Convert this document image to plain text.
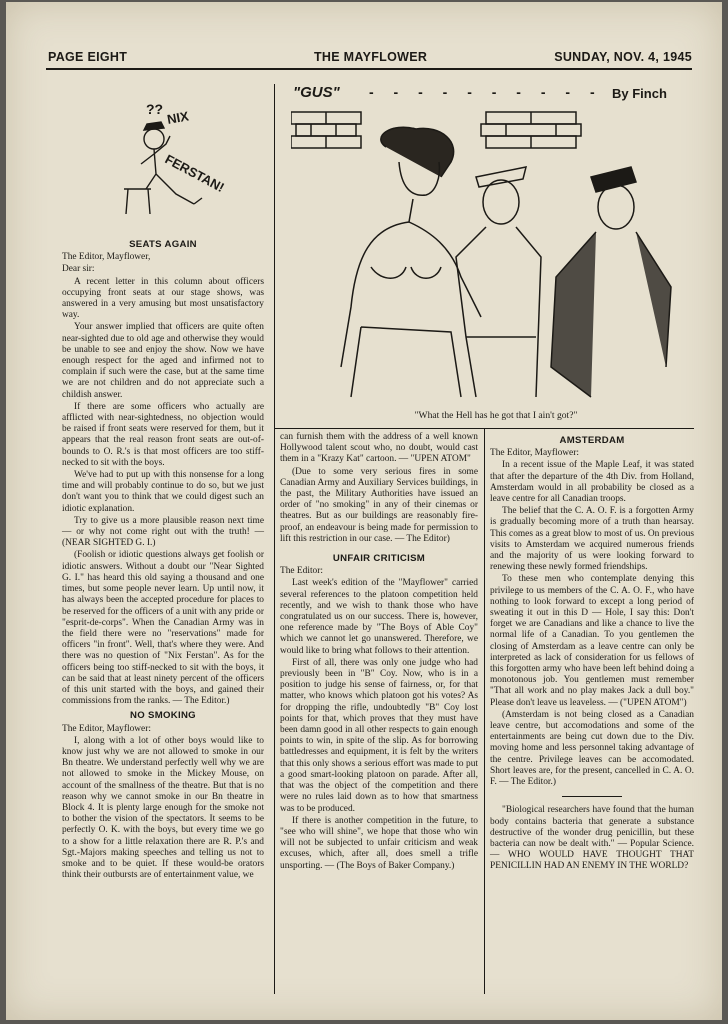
PAGE EIGHT	THE MAYFLOWER	SUNDAY, NOV. 4, 1945
?? NIX
FERSTAN!
"GUS" - - - - - - - - - - By Finch
"What the Hell has he got that I ain't got?"
SEATS AGAIN

The Editor, Mayflower,

Dear sir:

A recent letter in this column about officers occupying front seats at our stage shows, was answered in a very amusing but most unsatisfactory way.

Your answer implied that officers are quite often near-sighted due to old age and otherwise they would be unable to see and enjoy the show. Now we have enough respect for the aged and infirmed not to complain if such were the case, but at the same time we are not children and do not appreciate such a childish answer.

If there are some officers who actually are afflicted with near-sightedness, no objection would be raised if front seats were reserved for them, but it appears that the real reason front seats are out-of-bounds to O. R.'s is that most officers are too stiff-necked to sit with the boys.

We've had to put up with this nonsense for a long time and will probably continue to do so, but we just don't want you to think that we could digest such an idiotic explanation.

Try to give us a more plausible reason next time — or why not come right out with the truth! — (NEAR SIGHTED G. I.)

(Foolish or idiotic questions always get foolish or idiotic answers. Without a doubt our "Near Sighted G. I." has heard this old saying a thousand and one times, but some people never learn. Up until now, it has always been the accepted procedure for places to be reserved for the officers of a unit with any pride or "esprit-de-corps". When the Canadian Army was in the field there were no "reservations" made for officers "in front". Well, that's where they were. And there was no question of "Nix Ferstan". As for the officers being too stiff-necked to sit with the boys, it can be said that at least ninety percent of the officers of this unit started with the boys, and gained their commissions from the ranks. — The Editor.)

NO SMOKING

The Editor, Mayflower:

I, along with a lot of other boys would like to know just why we are not allowed to smoke in our Bn theatre. We understand perfectly well why we are not allowed to smoke in the Mickey Mouse, on account of the smallness of the theatre. But that is no reason why we cannot smoke in our Bn theatre in Block 4. It is plenty large enough for the smoke not to bother the vision of the spectators. It seems to be perfectly O. K. with the boys, but every time we go to a show for a little relaxation there are R. P.'s and Sgt.-Majors making speeches and telling us not to smoke and to be quiet. If these would-be orators think their outbursts are of entertainment value, we

can furnish them with the address of a well known Hollywood talent scout who, no doubt, would cast them in a "Krazy Kat" cartoon. — "UPEN ATOM"

(Due to some very serious fires in some Canadian Army and Auxiliary Services buildings, in the past, the Military Authorities have issued an order of "no smoking" in any of their cinemas or theatres. But as our buildings are reasonably fire-proof, an endeavour is being made for permission to lift this restriction in our case. — The Editor)

UNFAIR CRITICISM

The Editor:

Last week's edition of the "Mayflower" carried several references to the platoon competition held recently, and we wish to thank those who have congratulated us on our success. There is, however, one reference made by "The Boys of Able Coy" which we cannot let go unanswered. Therefore, we would like to bring what follows to their attention.

First of all, there was only one judge who had previously been in "B" Coy. Now, who is in a position to judge his sense of fairness, or, for that matter, who knows which platoon got his votes? As for dropping the rifle, undoubtedly "B" Coy lost points for that, which proves that they must have been damn good in all other respects to gain enough points to win, in spite of the slip. As for borrowing battledresses and equipment, it is felt by the writers that this only shows a serious effort was made to put a good smart-looking platoon on parade. After all, that was the object of the competition and there were no rules laid down as to how that smartness was to be produced.

If there is another competition in the future, to "see who will shine", we hope that those who win will not be subjected to unfair criticism and weak excuses, which, after all, does smell a trifle unsporting. — (The Boys of Baker Company.)

AMSTERDAM

The Editor, Mayflower:

In a recent issue of the Maple Leaf, it was stated that after the departure of the 4th Div. from Holland, Amsterdam would in all probability be closed as a leave centre for all Canadian troops.

The belief that the C. A. O. F. is a forgotten Army is gradually becoming more of a truth than hearsay. This comes as a great blow to most of us. On previous visits to Amsterdam we acquired numerous friends and the majority of us were looking forward to renewing these newly formed friendships.

To these men who contemplate denying this privilege to us members of the C. A. O. F., who have nothing to look forward to except a long period of sweating it out in this D — Hole, I say this: Don't forget we are Canadians and like a chance to live the normal life of a Canadian. To you gentlemen the closing of Amsterdam as a leave centre can only be interpreted as lack of consideration for us fellows of this forgotten army who have been left behind doing a monotonous job. You gentlemen must remember "That all work and no play makes Jack a dull boy." Please don't leave us leaveless. — ("UPEN ATOM")

(Amsterdam is not being closed as a Canadian leave centre, but accomodations and some of the entertainments are being cut down due to the Div. moving home and less personnel taking advantage of the centre. Privilege leaves can be accomodated. Short leaves are, for the present, cancelled in C. A. O. F. — The Editor.)

"Biological researchers have found that the human body contains bacteria that generate a substance destructive of the wonder drug penicillin, but these bacteria can now be dealt with." — Popular Science. — WHO WOULD HAVE THOUGHT THAT PENICILLIN HAD AN ENEMY IN THE WORLD?
